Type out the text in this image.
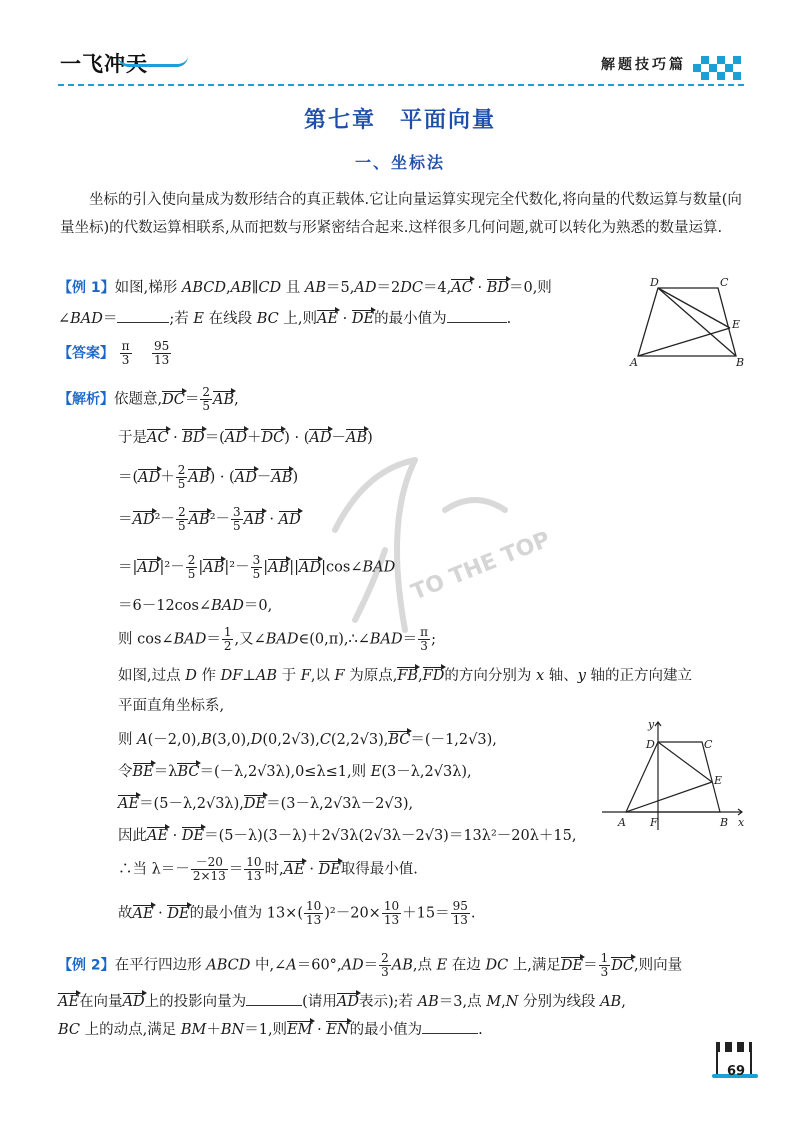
一飞冲天	解题技巧篇
第七章　平面向量
一、坐标法
坐标的引入使向量成为数形结合的真正载体.它让向量运算实现完全代数化,将向量的代数运算与数量(向量坐标)的代数运算相联系,从而把数与形紧密结合起来.这样很多几何问题,就可以转化为熟悉的数量运算.
【例 1】如图,梯形 ABCD,AB∥CD 且 AB＝5,AD＝2DC＝4,AC · BD＝0,则
∠BAD＝	;若 E 在线段 BC 上,则AE · DE的最小值为	.
【答案】 $\frac{\pi}{3}$
$\frac{95}{13}$
D	C
E
A	B
【解析】依题意$,DC= \frac{2}{5}$ AB,
于是AC · BD＝(AD＋DC) · (AD－AB)
$=(AD+ \frac{2}{5} AB) \cdot (AD-AB)$
$=AD^2- \frac{2}{5} AB^2- \frac{3}{5}$ AB · AD
$=|AD|^2- \frac{2}{5} |AB|^2- \frac{3}{5}$ |AB||AD|cos∠BAD
＝6－12cos∠BAD＝0,
则 cos∠BAD＝ $\frac{1}{2}$ ,又∠BAD∈(0,π),∴∠BAD＝ $\frac{\pi}{3}$ ;
如图,过点 D 作 DF⊥AB 于 F,以 F 为原点,FB,FD的方向分别为 x 轴、y 轴的正方向建立
平面直角坐标系,
则 A(－2,0),B(3,0),D(0,2√3),C(2,2√3),BC＝(－1,2√3),
令BE＝λBC＝(－λ,2√3λ),0≤λ≤1,则 E(3－λ,2√3λ),
AE＝(5－λ,2√3λ),DE＝(3－λ,2√3λ－2√3),
因此AE · DE＝(5－λ)(3－λ)＋2√3λ(2√3λ－2√3)＝13λ²－20λ＋15,
∴当 $\lambda=- \frac{-20}{2\times 13} = \frac{10}{13}$ 时,AE · DE取得最小值.
故AE · DE的最小值为 $13\times( \frac{10}{13} )^2-20\times \frac{10}{13} +15= \frac{95}{13}$ .
y
D	C
E
A F	B x
【例 2】在平行四边形 ABCD 中,∠A＝60°,AD＝ $\frac{2}{3}$ AB,点 E 在边 DC 上,满足$DE= \frac{1}{3}$ DC,则向量
AE在向量AD上的投影向量为	(请用AD表示);若 AB＝3,点 M,N 分别为线段 AB,
BC 上的动点,满足 BM＋BN＝1,则EM · EN的最小值为	.
TO THE TOP
69
